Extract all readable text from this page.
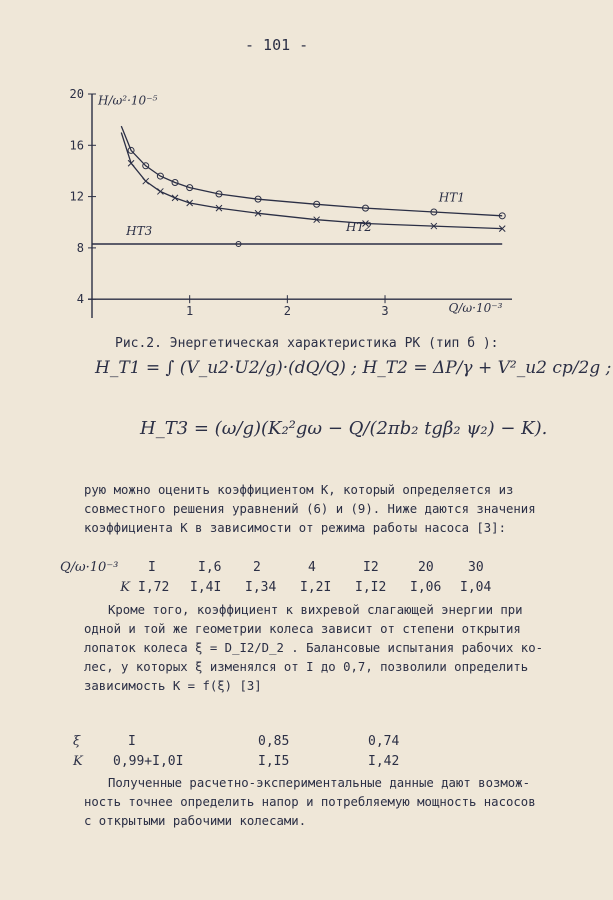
- 101 -
4
8
12
16
20
1	2	3
H/ω²·10⁻⁵
Q/ω·10⁻³
HT1
HT2
HT3
Рис.2. Энергетическая характеристика РК (тип б ):
H_T1 = ∫ (V_u2·U2/g)·(dQ/Q) ; H_T2 = ΔP/γ + V²_u2 cp/2g ;
H_T3 = (ω/g)(K₂²gω − Q/(2πb₂ tgβ₂ ψ₂) − K).
рую можно оценить коэффициентом К, который определяется из
совместного решения уравнений (6) и (9). Ниже даются значения
коэффициента К в зависимости от режима работы насоса [3]:
Q/ω·10⁻³	I	I,6	2	4	I2	20	30
K I,72	I,4I	I,34	I,2I	I,I2	I,06	I,04
Кроме того, коэффициент к вихревой слагающей энергии при
одной и той же геометрии колеса зависит от степени открытия
лопаток колеса ξ = D_I2/D_2 . Балансовые испытания рабочих ко-
лес, у которых ξ изменялся от I до 0,7, позволили определить
зависимость K = f(ξ) [3]
ξ	I	0,85	0,74
K	0,99+I,0I	I,I5	I,42
Полученные расчетно-экспериментальные данные дают возмож-
ность точнее определить напор и потребляемую мощность насосов
с открытыми рабочими колесами.
